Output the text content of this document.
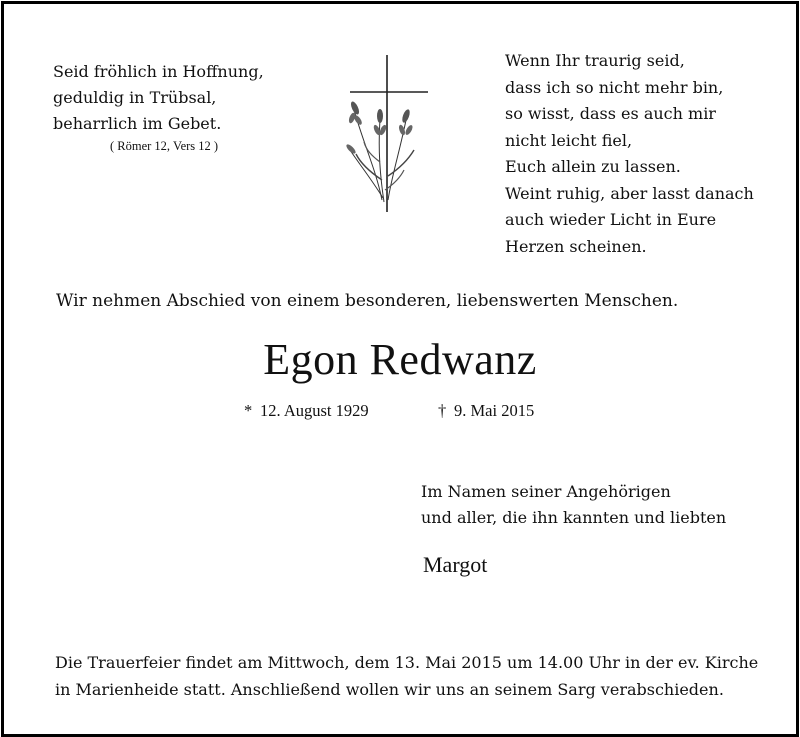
Seid fröhlich in Hoffnung,
geduldig in Trübsal,
beharrlich im Gebet.
( Römer 12, Vers 12 )
Wenn Ihr traurig seid,
dass ich so nicht mehr bin,
so wisst, dass es auch mir
nicht leicht fiel,
Euch allein zu lassen.
Weint ruhig, aber lasst danach
auch wieder Licht in Eure
Herzen scheinen.
Wir nehmen Abschied von einem besonderen, liebenswerten Menschen.
Egon Redwanz
* 12. August 1929	† 9. Mai 2015
Im Namen seiner Angehörigen
und aller, die ihn kannten und liebten
Margot
Die Trauerfeier findet am Mittwoch, dem 13. Mai 2015 um 14.00 Uhr in der ev. Kirche
in Marienheide statt. Anschließend wollen wir uns an seinem Sarg verabschieden.
